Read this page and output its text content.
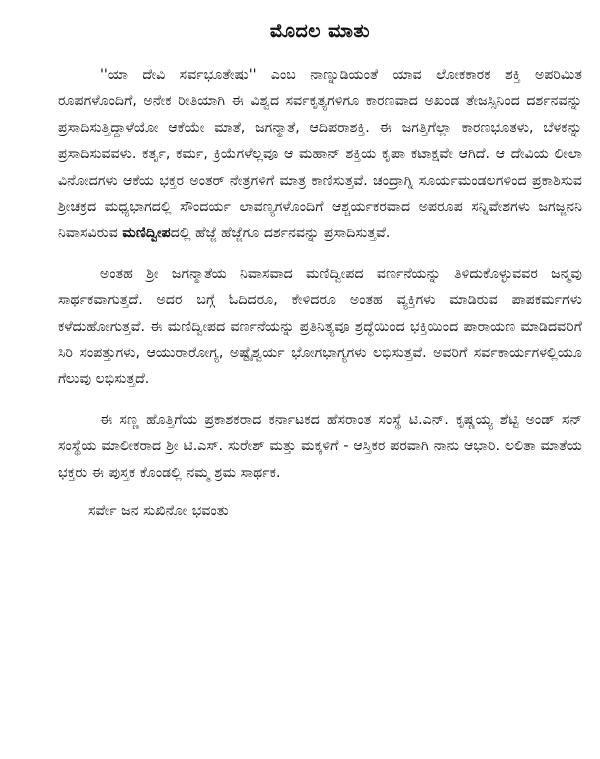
ಮೊದಲ ಮಾತು

''ಯಾ ದೇವಿ ಸರ್ವಭೂತೇಷು'' ಎಂಬ ನಾಣ್ನುಡಿಯಂತೆ ಯಾವ ಲೋಕಕಾರಕ ಶಕ್ತಿ ಅಪರಿಮಿತ ರೂಪಗಳೊಂದಿಗೆ, ಅನೇಕ ರೀತಿಯಾಗಿ ಈ ವಿಶ್ವದ ಸರ್ವಕೃತ್ಯಗಳಿಗೂ ಕಾರಣವಾದ ಅಖಂಡ ತೇಜಸ್ಸಿನಿಂದ ದರ್ಶನವನ್ನು ಪ್ರಸಾದಿಸುತ್ತಿದ್ದಾಳೆಯೋ ಆಕೆಯೇ ಮಾತೆ, ಜಗನ್ಮಾತೆ, ಆದಿಪರಾಶಕ್ತಿ. ಈ ಜಗತ್ತಿಗೆಲ್ಲಾ ಕಾರಣಭೂತಳು, ಬೆಳಕನ್ನು ಪ್ರಸಾದಿಸುವವಳು. ಕರ್ತೃ, ಕರ್ಮ, ಕ್ರಿಯೆಗಳೆಲ್ಲವೂ ಆ ಮಹಾನ್ ಶಕ್ತಿಯ ಕೃಪಾ ಕಟಾಕ್ಷವೇ ಆಗಿದೆ. ಆ ದೇವಿಯ ಲೀಲಾ ವಿನೋದಗಳು ಆಕೆಯ ಭಕ್ತರ ಅಂತರ್ ನೇತ್ರಗಳಿಗೆ ಮಾತ್ರ ಕಾಣಿಸುತ್ತವೆ. ಚಂದ್ರಾಗ್ನಿ ಸೂರ್ಯಮಂಡಲಗಳಿಂದ ಪ್ರಕಾಶಿಸುವ ಶ್ರೀಚಕ್ರದ ಮಧ್ಯಭಾಗದಲ್ಲಿ ಸೌಂದರ್ಯ ಲಾವಣ್ಯಗಳೊಂದಿಗೆ ಆಶ್ಚರ್ಯಕರವಾದ ಅಪರೂಪ ಸನ್ನಿವೇಶಗಳು ಜಗಜ್ಜನನಿ ನಿವಾಸವಿರುವ ಮಣಿದ್ವೀಪದಲ್ಲಿ ಹೆಜ್ಜೆ ಹೆಜ್ಜೆಗೂ ದರ್ಶನವನ್ನು ಪ್ರಸಾದಿಸುತ್ತವೆ.

ಅಂತಹ ಶ್ರೀ ಜಗನ್ಮಾತೆಯ ನಿವಾಸವಾದ ಮಣಿದ್ವೀಪದ ವರ್ಣನೆಯನ್ನು ತಿಳಿದುಕೊಳ್ಳುವವರ ಜನ್ಮವು ಸಾರ್ಥಕವಾಗುತ್ತದೆ. ಅದರ ಬಗ್ಗೆ ಓದಿದರೂ, ಕೇಳಿದರೂ ಅಂತಹ ವ್ಯಕ್ತಿಗಳು ಮಾಡಿರುವ ಪಾಪಕರ್ಮಗಳು ಕಳೆದುಹೋಗುತ್ತವೆ. ಈ ಮಣಿದ್ವೀಪದ ವರ್ಣನೆಯನ್ನು ಪ್ರತಿನಿತ್ಯವೂ ಶ್ರದ್ಧೆಯಿಂದ ಭಕ್ತಿಯಿಂದ ಪಾರಾಯಣ ಮಾಡಿದವರಿಗೆ ಸಿರಿ ಸಂಪತ್ತುಗಳು, ಆಯುರಾರೋಗ್ಯ, ಅಷ್ಟೈಶ್ವರ್ಯ ಭೋಗಭಾಗ್ಯಗಳು ಲಭಿಸುತ್ತವೆ. ಅವರಿಗೆ ಸರ್ವಕಾರ್ಯಗಳಲ್ಲಿಯೂ ಗೆಲುವು ಲಭಿಸುತ್ತದೆ.

ಈ ಸಣ್ಣ ಹೊತ್ತಿಗೆಯ ಪ್ರಕಾಶಕರಾದ ಕರ್ನಾಟಕದ ಹೆಸರಾಂತ ಸಂಸ್ಥೆ ಟಿ.ಎನ್. ಕೃಷ್ಣಯ್ಯ ಶೆಟ್ಟಿ ಅಂಡ್ ಸನ್ ಸಂಸ್ಥೆಯ ಮಾಲೀಕರಾದ ಶ್ರೀ ಟಿ.ಎಸ್. ಸುರೇಶ್ ಮತ್ತು ಮಕ್ಕಳಿಗೆ - ಆಸ್ತಿಕರ ಪರವಾಗಿ ನಾನು ಆಭಾರಿ. ಲಲಿತಾ ಮಾತೆಯ ಭಕ್ತರು ಈ ಪುಸ್ತಕ ಕೊಂಡಲ್ಲಿ ನಮ್ಮ ಶ್ರಮ ಸಾರ್ಥಕ.

ಸರ್ವೇ ಜನ ಸುಖಿನೋ ಭವಂತು
